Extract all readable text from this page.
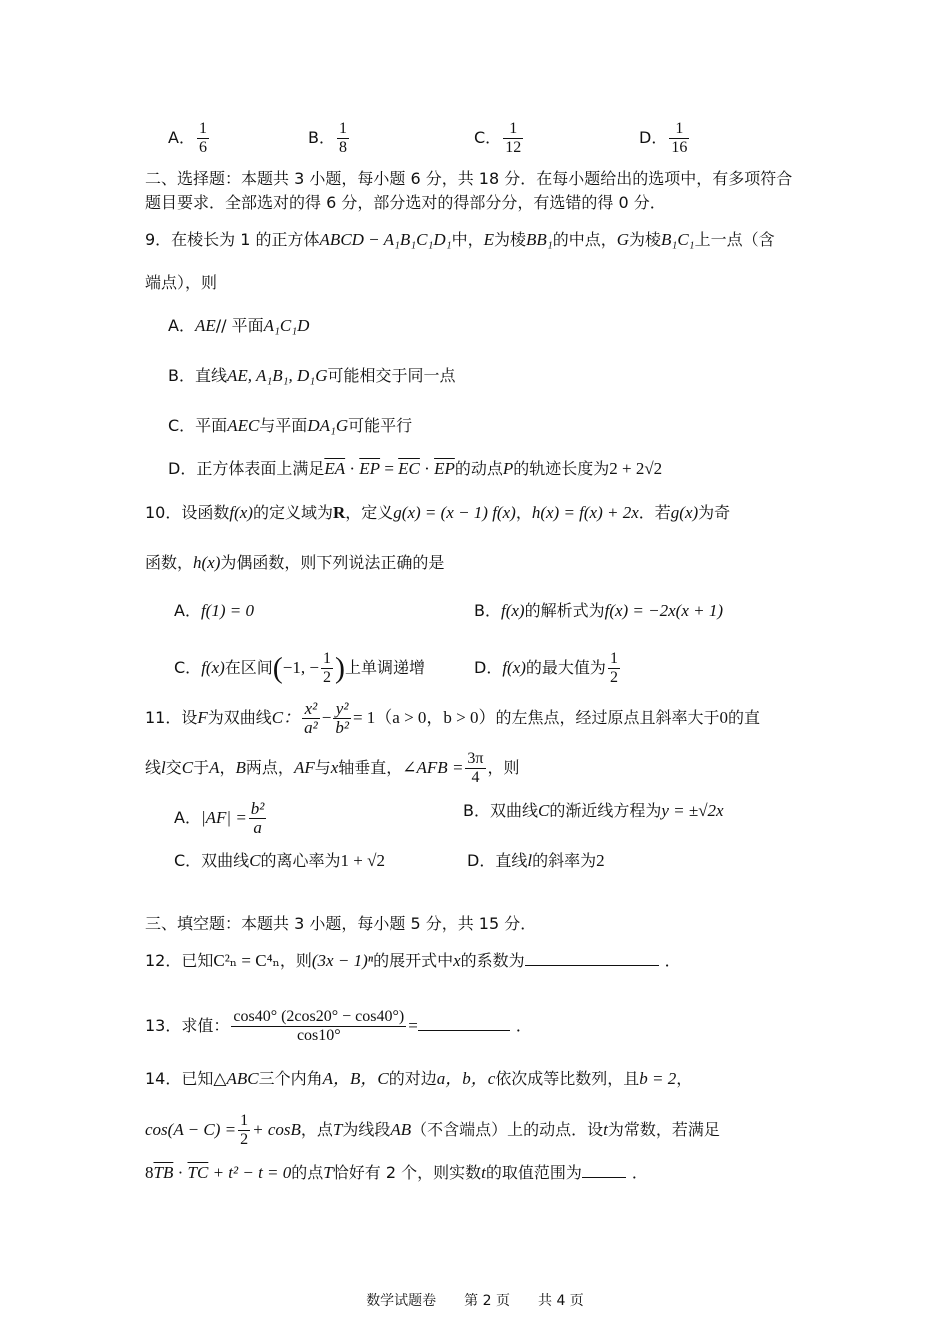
A． $\frac{1}{6}$	B． $\frac{1}{8}$	C． $\frac{1}{12}$	D． $\frac{1}{16}$
二、选择题：本题共 3 小题，每小题 6 分，共 18 分．在每小题给出的选项中，有多项符合
题目要求．全部选对的得 6 分，部分选对的得部分分，有选错的得 0 分．
9．在棱长为 1 的正方体ABCD − A₁B₁C₁D₁中，E为棱BB₁的中点，G为棱B₁C₁上一点（含
端点），则
A．AE// 平面A₁C₁D
B．直线AE, A₁B₁, D₁G可能相交于同一点
C．平面AEC与平面DA₁G可能平行
D．正方体表面上满足$\overline{EA} \cdot \overline{EP} = \overline{EC} \cdot \overline{EP}$的动点P的轨迹长度为2 + 2√2
10．设函数f(x)的定义域为R，定义g(x) = (x − 1) f(x)，h(x) = f(x) + 2x．若g(x)为奇
函数，h(x)为偶函数，则下列说法正确的是
A．f(1) = 0	B．f(x)的解析式为f(x) = −2x(x + 1)
C．f(x)在区间(−1, − $\frac{1}{2}$ )上单调递增	D．f(x)的最大值为 $\frac{1}{2}$
11．设F为双曲线C： $\frac{\text{x²}}{\text{a²}} - \frac{\text{y²}}{\text{b²}} = 1(a > 0$，b > 0）的左焦点，经过原点且斜率大于0的直
线l交C于A，B两点，AF与x轴垂直，∠AFB = $\frac{3\pi}{4}$ ，则
A．$|AF| = \frac{\text{b²}}{a}$	B．双曲线C的渐近线方程为y = ±√2x
C．双曲线C的离心率为1 + √2	D．直线l的斜率为2
三、填空题：本题共 3 小题，每小题 5 分，共 15 分．
12．已知C²ₙ = C⁴ₙ，则(3x − 1)ⁿ的展开式中x的系数为	．
13．求值： $\frac{\cos 40^\circ (2\cos 20^\circ - \cos 40^\circ)}{\cos 10^\circ}$ =	．
14．已知△ABC三个内角A，B，C的对边a，b，c依次成等比数列，且b = 2，
$\cos(A - C) = \frac{1}{2} + \cos B$，点T为线段AB（不含端点）上的动点．设t为常数，若满足
$8\overline{TB} \cdot \overline{TC} + t^2 - t = 0$的点T恰好有 2 个，则实数t的取值范围为	．
数学试题卷　　第 2 页　　共 4 页
